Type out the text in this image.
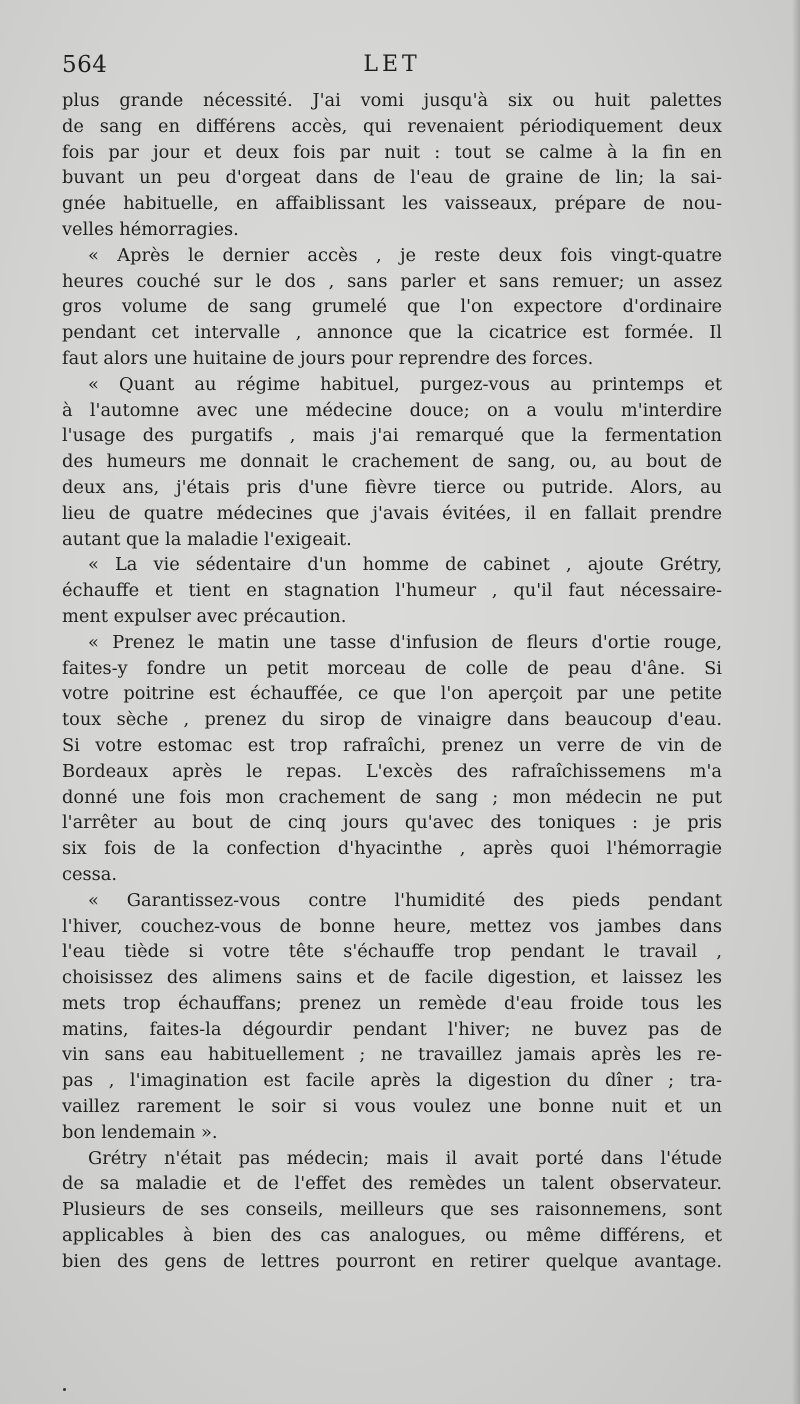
564	LET
plus grande nécessité. J'ai vomi jusqu'à six ou huit palettes
de sang en différens accès, qui revenaient périodiquement deux
fois par jour et deux fois par nuit : tout se calme à la fin en
buvant un peu d'orgeat dans de l'eau de graine de lin; la sai-
gnée habituelle, en affaiblissant les vaisseaux, prépare de nou-
velles hémorragies.
« Après le dernier accès , je reste deux fois vingt-quatre
heures couché sur le dos , sans parler et sans remuer; un assez
gros volume de sang grumelé que l'on expectore d'ordinaire
pendant cet intervalle , annonce que la cicatrice est formée. Il
faut alors une huitaine de jours pour reprendre des forces.
« Quant au régime habituel, purgez-vous au printemps et
à l'automne avec une médecine douce; on a voulu m'interdire
l'usage des purgatifs , mais j'ai remarqué que la fermentation
des humeurs me donnait le crachement de sang, ou, au bout de
deux ans, j'étais pris d'une fièvre tierce ou putride. Alors, au
lieu de quatre médecines que j'avais évitées, il en fallait prendre
autant que la maladie l'exigeait.
« La vie sédentaire d'un homme de cabinet , ajoute Grétry,
échauffe et tient en stagnation l'humeur , qu'il faut nécessaire-
ment expulser avec précaution.
« Prenez le matin une tasse d'infusion de fleurs d'ortie rouge,
faites-y fondre un petit morceau de colle de peau d'âne. Si
votre poitrine est échauffée, ce que l'on aperçoit par une petite
toux sèche , prenez du sirop de vinaigre dans beaucoup d'eau.
Si votre estomac est trop rafraîchi, prenez un verre de vin de
Bordeaux après le repas. L'excès des rafraîchissemens m'a
donné une fois mon crachement de sang ; mon médecin ne put
l'arrêter au bout de cinq jours qu'avec des toniques : je pris
six fois de la confection d'hyacinthe , après quoi l'hémorragie
cessa.
« Garantissez-vous contre l'humidité des pieds pendant
l'hiver, couchez-vous de bonne heure, mettez vos jambes dans
l'eau tiède si votre tête s'échauffe trop pendant le travail ,
choisissez des alimens sains et de facile digestion, et laissez les
mets trop échauffans; prenez un remède d'eau froide tous les
matins, faites-la dégourdir pendant l'hiver; ne buvez pas de
vin sans eau habituellement ; ne travaillez jamais après les re-
pas , l'imagination est facile après la digestion du dîner ; tra-
vaillez rarement le soir si vous voulez une bonne nuit et un
bon lendemain ».
Grétry n'était pas médecin; mais il avait porté dans l'étude
de sa maladie et de l'effet des remèdes un talent observateur.
Plusieurs de ses conseils, meilleurs que ses raisonnemens, sont
applicables à bien des cas analogues, ou même différens, et
bien des gens de lettres pourront en retirer quelque avantage.
